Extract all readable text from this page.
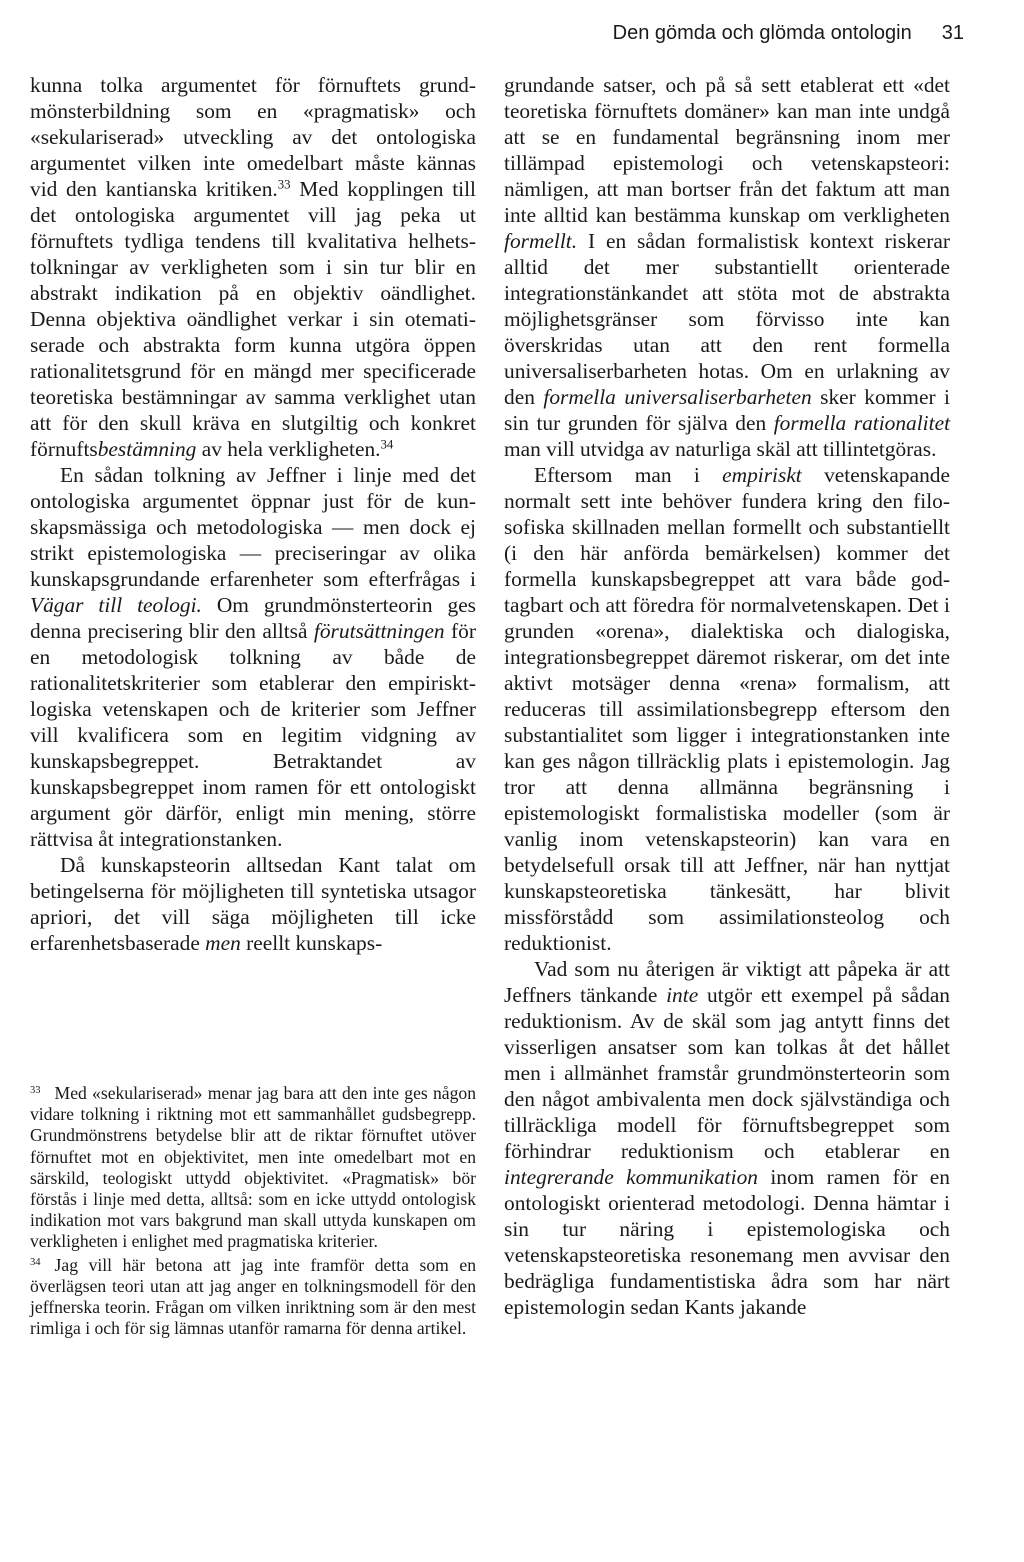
Den gömda och glömda ontologin 31

kunna tolka argumentet för förnuftets grundmönsterbildning som en «pragmatisk» och «sekulariserad» utveckling av det ontologiska argumentet vilken inte omedelbart måste kännas vid den kantianska kritiken.$^{33}$ Med kopplingen till det ontologiska argumentet vill jag peka ut förnuftets tydliga tendens till kvalitativa helhetstolkningar av verkligheten som i sin tur blir en abstrakt indikation på en objektiv oändlighet. Denna objektiva oändlighet verkar i sin otematiserade och abstrakta form kunna utgöra öppen rationalitetsgrund för en mängd mer specificerade teoretiska bestämningar av samma verklighet utan att för den skull kräva en slutgiltig och konkret förnuftsbestämning av hela verkligheten.$^{34}$

En sådan tolkning av Jeffner i linje med det ontologiska argumentet öppnar just för de kunskapsmässiga och metodologiska — men dock ej strikt epistemologiska — preciseringar av olika kunskapsgrundande erfarenheter som efterfrågas i Vägar till teologi. Om grundmönsterteorin ges denna precisering blir den alltså förutsättningen för en metodologisk tolkning av både de rationalitetskriterier som etablerar den empiriskt-logiska vetenskapen och de kriterier som Jeffner vill kvalificera som en legitim vidgning av kunskapsbegreppet. Betraktandet av kunskapsbegreppet inom ramen för ett ontologiskt argument gör därför, enligt min mening, större rättvisa åt integrationstanken.

Då kunskapsteorin alltsedan Kant talat om betingelserna för möjligheten till syntetiska utsagor apriori, det vill säga möjligheten till icke erfarenhetsbaserade men reellt kunskaps-

$^{33}$ Med «sekulariserad» menar jag bara att den inte ges någon vidare tolkning i riktning mot ett sammanhållet gudsbegrepp. Grundmönstrens betydelse blir att de riktar förnuftet utöver förnuftet mot en objektivitet, men inte omedelbart mot en särskild, teologiskt uttydd objektivitet. «Pragmatisk» bör förstås i linje med detta, alltså: som en icke uttydd ontologisk indikation mot vars bakgrund man skall uttyda kunskapen om verkligheten i enlighet med pragmatiska kriterier.

$^{34}$ Jag vill här betona att jag inte framför detta som en överlägsen teori utan att jag anger en tolkningsmodell för den jeffnerska teorin. Frågan om vilken inriktning som är den mest rimliga i och för sig lämnas utanför ramarna för denna artikel.

grundande satser, och på så sett etablerat ett «det teoretiska förnuftets domäner» kan man inte undgå att se en fundamental begränsning inom mer tillämpad epistemologi och vetenskapsteori: nämligen, att man bortser från det faktum att man inte alltid kan bestämma kunskap om verkligheten formellt. I en sådan formalistisk kontext riskerar alltid det mer substantiellt orienterade integrationstänkandet att stöta mot de abstrakta möjlighetsgränser som förvisso inte kan överskridas utan att den rent formella universaliserbarheten hotas. Om en urlakning av den formella universaliserbarheten sker kommer i sin tur grunden för själva den formella rationalitet man vill utvidga av naturliga skäl att tillintetgöras.

Eftersom man i empiriskt vetenskapande normalt sett inte behöver fundera kring den filosofiska skillnaden mellan formellt och substantiellt (i den här anförda bemärkelsen) kommer det formella kunskapsbegreppet att vara både godtagbart och att föredra för normalvetenskapen. Det i grunden «orena», dialektiska och dialogiska, integrationsbegreppet däremot riskerar, om det inte aktivt motsäger denna «rena» formalism, att reduceras till assimilationsbegrepp eftersom den substantialitet som ligger i integrationstanken inte kan ges någon tillräcklig plats i epistemologin. Jag tror att denna allmänna begränsning i epistemologiskt formalistiska modeller (som är vanlig inom vetenskapsteorin) kan vara en betydelsefull orsak till att Jeffner, när han nyttjat kunskapsteoretiska tänkesätt, har blivit missförstådd som assimilationsteolog och reduktionist.

Vad som nu återigen är viktigt att påpeka är att Jeffners tänkande inte utgör ett exempel på sådan reduktionism. Av de skäl som jag antytt finns det visserligen ansatser som kan tolkas åt det hållet men i allmänhet framstår grundmönsterteorin som den något ambivalenta men dock självständiga och tillräckliga modell för förnuftsbegreppet som förhindrar reduktionism och etablerar en integrerande kommunikation inom ramen för en ontologiskt orienterad metodologi. Denna hämtar i sin tur näring i epistemologiska och vetenskapsteoretiska resonemang men avvisar den bedrägliga fundamentistiska ådra som har närt epistemologin sedan Kants jakande
